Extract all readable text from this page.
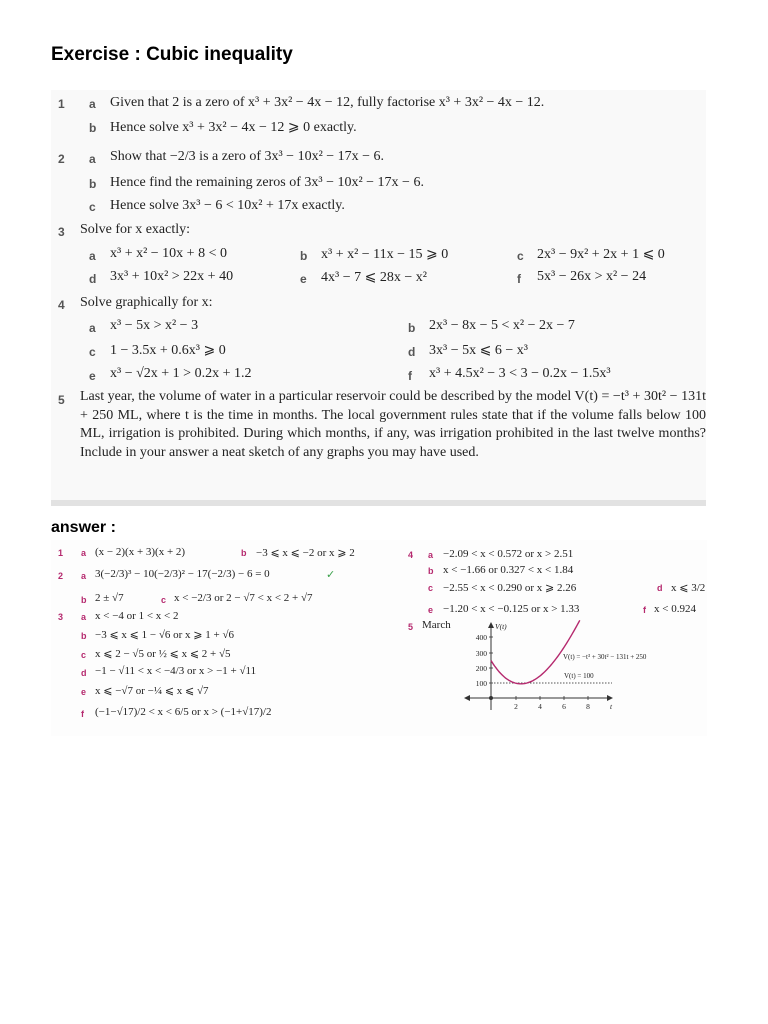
Exercise : Cubic inequality
1 a Given that 2 is a zero of x³ + 3x² − 4x − 12, fully factorise x³ + 3x² − 4x − 12.
b Hence solve x³ + 3x² − 4x − 12 ⩾ 0 exactly.
2 a Show that −2/3 is a zero of 3x³ − 10x² − 17x − 6.
b Hence find the remaining zeros of 3x³ − 10x² − 17x − 6.
c Hence solve 3x³ − 6 < 10x² + 17x exactly.
3 Solve for x exactly:
a x³ + x² − 10x + 8 < 0	b x³ + x² − 11x − 15 ⩾ 0	c 2x³ − 9x² + 2x + 1 ⩽ 0
d 3x³ + 10x² > 22x + 40	e 4x³ − 7 ⩽ 28x − x²	f 5x³ − 26x > x² − 24
4 Solve graphically for x:
a x³ − 5x > x² − 3	b 2x³ − 8x − 5 < x² − 2x − 7
c 1 − 3.5x + 0.6x³ ⩾ 0	d 3x³ − 5x ⩽ 6 − x³
e x³ − √2x + 1 > 0.2x + 1.2	f x³ + 4.5x² − 3 < 3 − 0.2x − 1.5x³
5 Last year, the volume of water in a particular reservoir could be described by the model V(t) = −t³ + 30t² − 131t + 250 ML, where t is the time in months. The local government rules state that if the volume falls below 100 ML, irrigation is prohibited. During which months, if any, was irrigation prohibited in the last twelve months? Include in your answer a neat sketch of any graphs you may have used.
answer :
1 a (x − 2)(x + 3)(x + 2)	b −3 ⩽ x ⩽ −2 or x ⩾ 2
2 a 3(−2/3)³ − 10(−2/3)² − 17(−2/3) − 6 = 0	✓
b 2 ± √7	c x < −2/3 or 2 − √7 < x < 2 + √7
3 a x < −4 or 1 < x < 2
b −3 ⩽ x ⩽ 1 − √6 or x ⩾ 1 + √6
c x ⩽ 2 − √5 or ½ ⩽ x ⩽ 2 + √5
d −1 − √11 < x < −4/3 or x > −1 + √11
e x ⩽ −√7 or −¼ ⩽ x ⩽ √7
f (−1−√17)/2 < x < 6/5 or x > (−1+√17)/2
4 a −2.09 < x < 0.572 or x > 2.51
b x < −1.66 or 0.327 < x < 1.84
c −2.55 < x < 0.290 or x ⩾ 2.26	d x ⩽ 3/2
e −1.20 < x < −0.125 or x > 1.33	f x < 0.924
5 March
400
300
200
100
2	4	6	8	t
V(t)
V(t) = 100
V(t) = −t³ + 30t² − 131t + 250
